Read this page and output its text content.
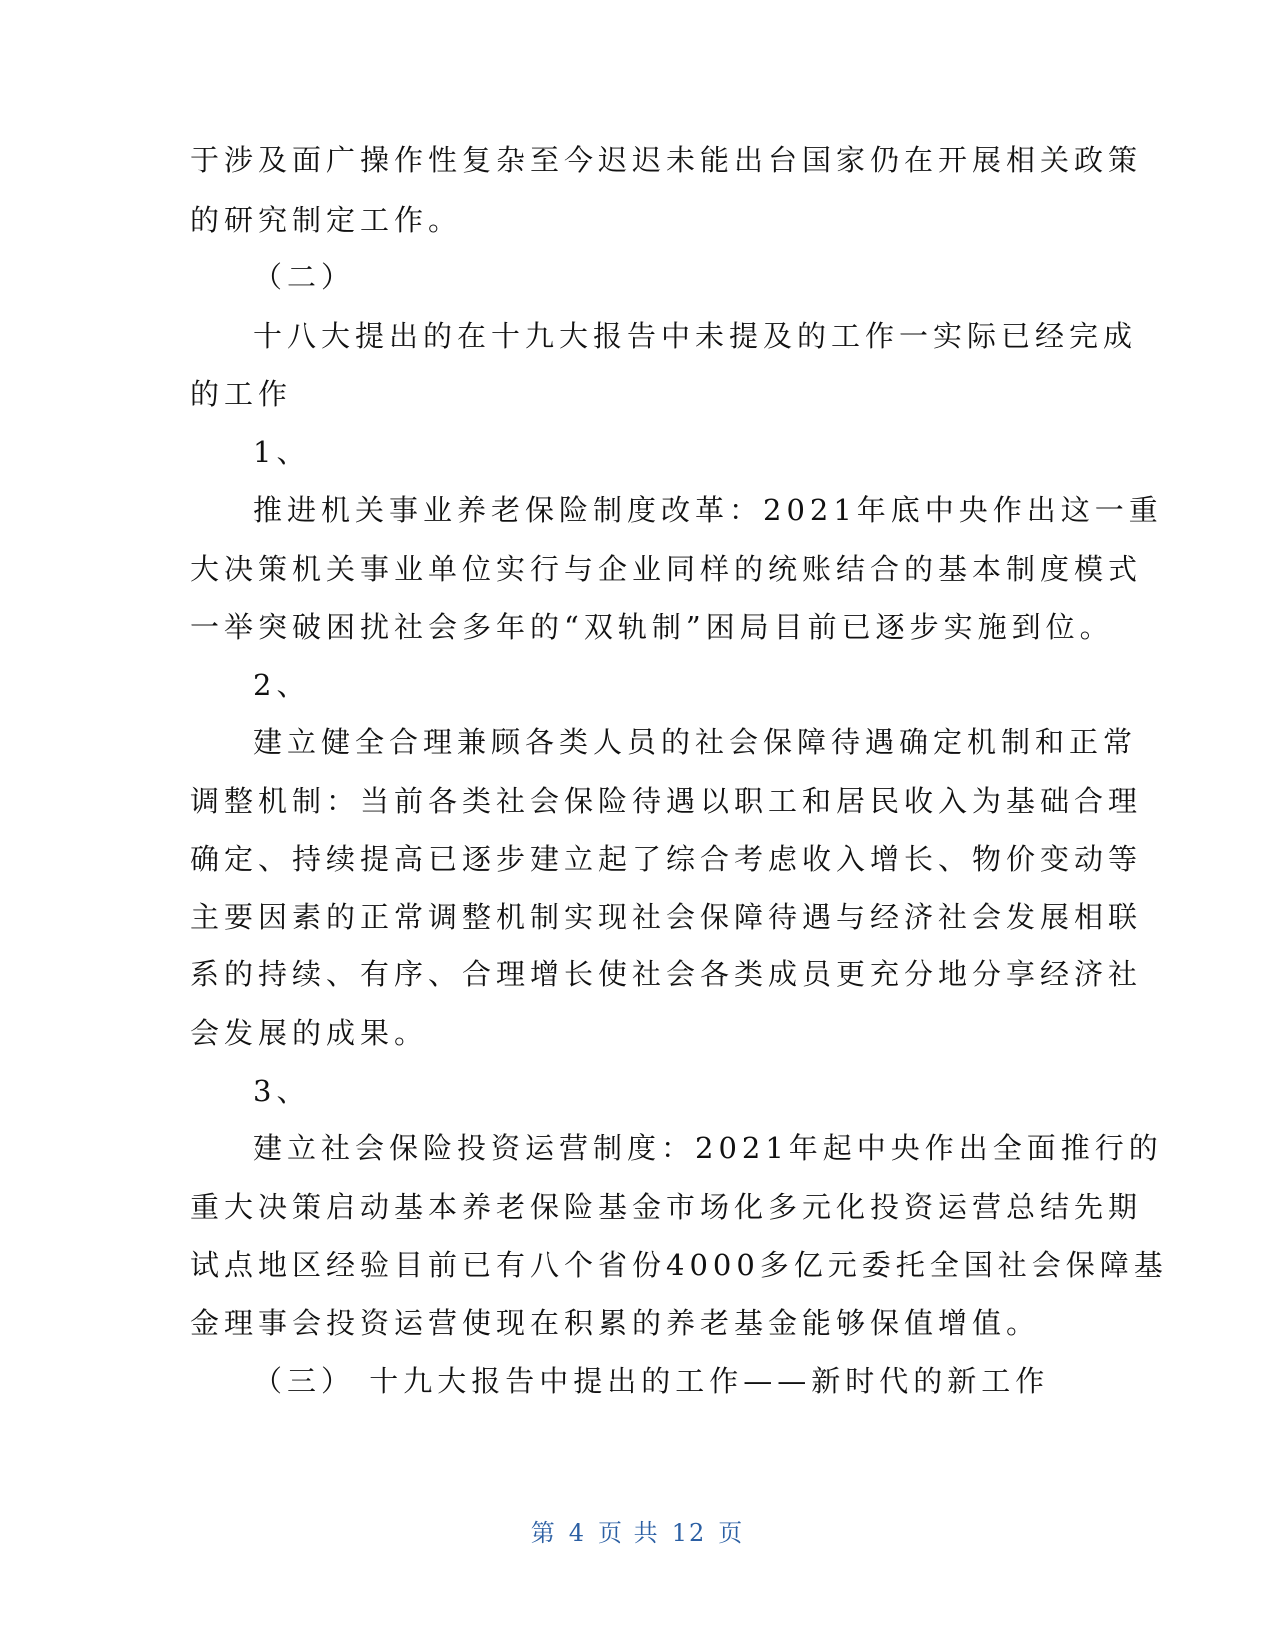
于涉及面广操作性复杂至今迟迟未能出台国家仍在开展相关政策
的研究制定工作。
（二）
十八大提出的在十九大报告中未提及的工作一实际已经完成
的工作
1、
推进机关事业养老保险制度改革：2021年底中央作出这一重
大决策机关事业单位实行与企业同样的统账结合的基本制度模式
一举突破困扰社会多年的“双轨制”困局目前已逐步实施到位。
2、
建立健全合理兼顾各类人员的社会保障待遇确定机制和正常
调整机制：当前各类社会保险待遇以职工和居民收入为基础合理
确定、持续提高已逐步建立起了综合考虑收入增长、物价变动等
主要因素的正常调整机制实现社会保障待遇与经济社会发展相联
系的持续、有序、合理增长使社会各类成员更充分地分享经济社
会发展的成果。
3、
建立社会保险投资运营制度：2021年起中央作出全面推行的
重大决策启动基本养老保险基金市场化多元化投资运营总结先期
试点地区经验目前已有八个省份4000多亿元委托全国社会保障基
金理事会投资运营使现在积累的养老基金能够保值增值。
（三） 十九大报告中提出的工作——新时代的新工作
第 4 页 共 12 页
